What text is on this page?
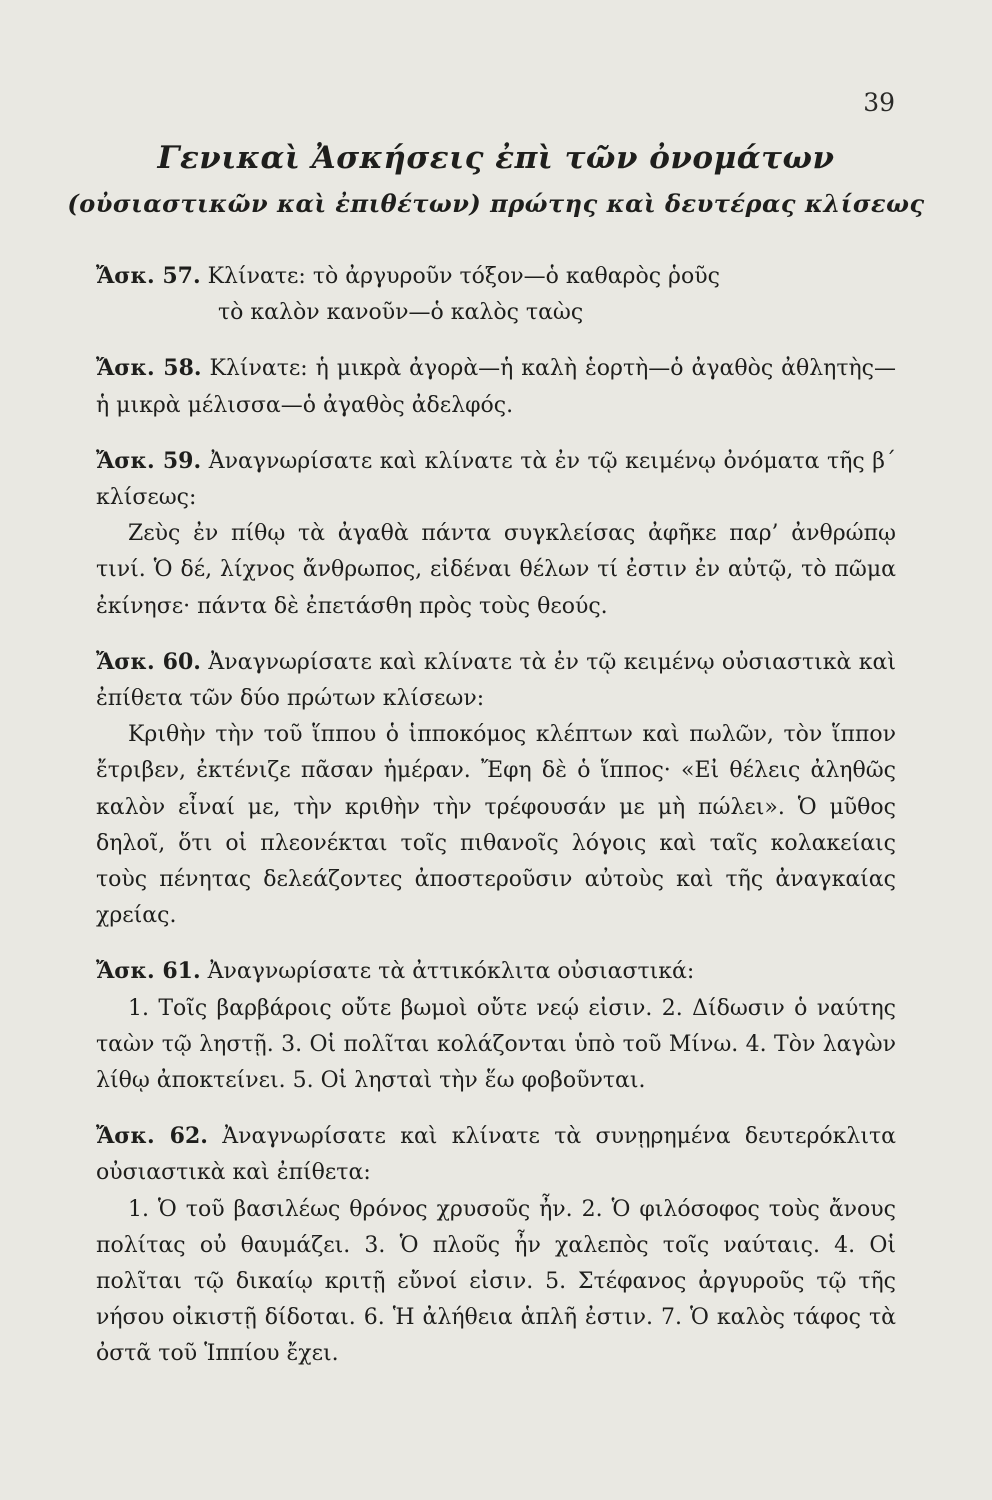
39
Γενικαὶ Ἀσκήσεις ἐπὶ τῶν ὀνομάτων
(οὐσιαστικῶν καὶ ἐπιθέτων) πρώτης καὶ δευτέρας κλίσεως

Ἄσκ. 57. Κλίνατε: τὸ ἀργυροῦν τόξον—ὁ καθαρὸς ῥοῦς

τὸ καλὸν κανοῦν—ὁ καλὸς ταὼς

Ἄσκ. 58. Κλίνατε: ἡ μικρὰ ἀγορὰ—ἡ καλὴ ἑορτὴ—ὁ ἀγαθὸς ἀθλητὴς—ἡ μικρὰ μέλισσα—ὁ ἀγαθὸς ἀδελφός.

Ἄσκ. 59. Ἀναγνωρίσατε καὶ κλίνατε τὰ ἐν τῷ κειμένῳ ὀνόματα τῆς β΄ κλίσεως:

Ζεὺς ἐν πίθῳ τὰ ἀγαθὰ πάντα συγκλείσας ἀφῆκε παρ’ ἀνθρώπῳ τινί. Ὁ δέ, λίχνος ἄνθρωπος, εἰδέναι θέλων τί ἐστιν ἐν αὐτῷ, τὸ πῶμα ἐκίνησε· πάντα δὲ ἐπετάσθη πρὸς τοὺς θεούς.

Ἄσκ. 60. Ἀναγνωρίσατε καὶ κλίνατε τὰ ἐν τῷ κειμένῳ οὐσιαστικὰ καὶ ἐπίθετα τῶν δύο πρώτων κλίσεων:

Κριθὴν τὴν τοῦ ἵππου ὁ ἱπποκόμος κλέπτων καὶ πωλῶν, τὸν ἵππον ἔτριβεν, ἐκτένιζε πᾶσαν ἡμέραν. Ἔφη δὲ ὁ ἵππος· «Εἰ θέλεις ἀληθῶς καλὸν εἶναί με, τὴν κριθὴν τὴν τρέφουσάν με μὴ πώλει». Ὁ μῦθος δηλοῖ, ὅτι οἱ πλεονέκται τοῖς πιθανοῖς λόγοις καὶ ταῖς κολακείαις τοὺς πένητας δελεάζοντες ἀποστεροῦσιν αὐτοὺς καὶ τῆς ἀναγκαίας χρείας.

Ἄσκ. 61. Ἀναγνωρίσατε τὰ ἀττικόκλιτα οὐσιαστικά:

1. Τοῖς βαρβάροις οὔτε βωμοὶ οὔτε νεῴ εἰσιν. 2. Δίδωσιν ὁ ναύτης ταὼν τῷ ληστῇ. 3. Οἱ πολῖται κολάζονται ὑπὸ τοῦ Μίνω. 4. Τὸν λαγὼν λίθῳ ἀποκτείνει. 5. Οἱ λησταὶ τὴν ἕω φοβοῦνται.

Ἄσκ. 62. Ἀναγνωρίσατε καὶ κλίνατε τὰ συνῃρημένα δευτερόκλιτα οὐσιαστικὰ καὶ ἐπίθετα:

1. Ὁ τοῦ βασιλέως θρόνος χρυσοῦς ἦν. 2. Ὁ φιλόσοφος τοὺς ἄνους πολίτας οὐ θαυμάζει. 3. Ὁ πλοῦς ἦν χαλεπὸς τοῖς ναύταις. 4. Οἱ πολῖται τῷ δικαίῳ κριτῇ εὔνοί εἰσιν. 5. Στέφανος ἀργυροῦς τῷ τῆς νήσου οἰκιστῇ δίδοται. 6. Ἡ ἀλήθεια ἁπλῆ ἐστιν. 7. Ὁ καλὸς τάφος τὰ ὀστᾶ τοῦ Ἱππίου ἔχει.
